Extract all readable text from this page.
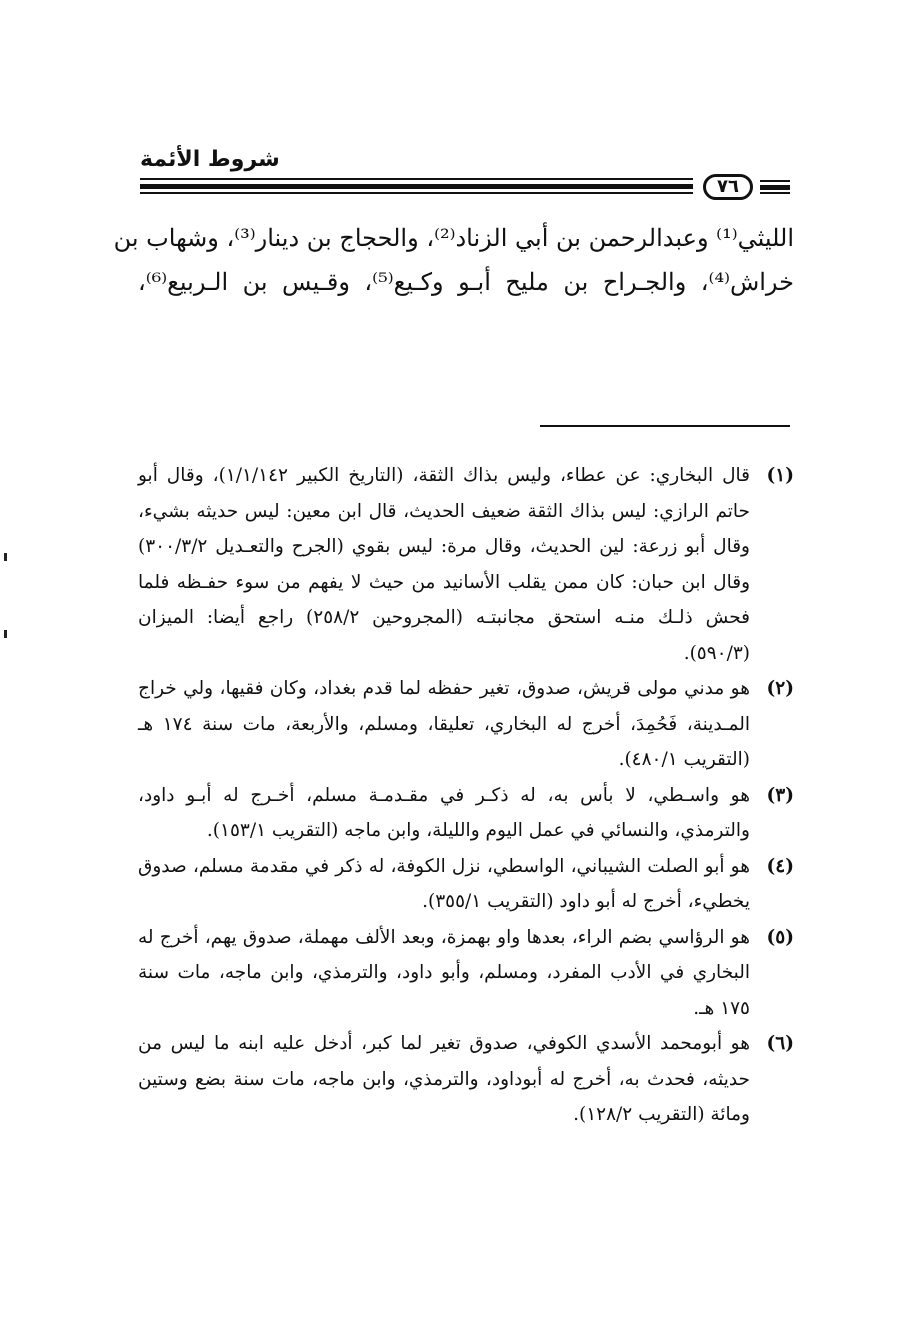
شروط الأئمة
٧٦
الليثي⁽¹⁾ وعبدالرحمن بن أبي الزناد⁽²⁾، والحجاج بن دينار⁽³⁾، وشهاب بن
خراش⁽⁴⁾، والجـراح بن مليح أبـو وكـيع⁽⁵⁾، وقـيس بن الـربيع⁽⁶⁾،
(١)
قال البخاري: عن عطاء، وليس بذاك الثقة، (التاريخ الكبير ١/١/١٤٢)، وقال أبو حاتم الرازي: ليس بذاك الثقة ضعيف الحديث، قال ابن معين: ليس حديثه بشيء، وقال أبو زرعة: لين الحديث، وقال مرة: ليس بقوي (الجرح والتعـديل ٣٠٠/٣/٢) وقال ابن حبان: كان ممن يقلب الأسانيد من حيث لا يفهم من سوء حفـظه فلما فحش ذلـك منـه استحق مجانبتـه (المجروحين ٢٥٨/٢) راجع أيضا: الميزان (٥٩٠/٣).
(٢)
هو مدني مولى قريش، صدوق، تغير حفظه لما قدم بغداد، وكان فقيها، ولي خراج المـدينة، فَحُمِدَ، أخرج له البخاري، تعليقا، ومسلم، والأربعة، مات سنة ١٧٤ هـ (التقريب ٤٨٠/١).
(٣)
هو واسـطي، لا بأس به، له ذكـر في مقـدمـة مسلم، أخـرج له أبـو داود، والترمذي، والنسائي في عمل اليوم والليلة، وابن ماجه (التقريب ١٥٣/١).
(٤)
هو أبو الصلت الشيباني، الواسطي، نزل الكوفة، له ذكر في مقدمة مسلم، صدوق يخطيء، أخرج له أبو داود (التقريب ٣٥٥/١).
(٥)
هو الرؤاسي بضم الراء، بعدها واو بهمزة، وبعد الألف مهملة، صدوق يهم، أخرج له البخاري في الأدب المفرد، ومسلم، وأبو داود، والترمذي، وابن ماجه، مات سنة ١٧٥ هـ.
(٦)
هو أبومحمد الأسدي الكوفي، صدوق تغير لما كبر، أدخل عليه ابنه ما ليس من حديثه، فحدث به، أخرج له أبوداود، والترمذي، وابن ماجه، مات سنة بضع وستين ومائة (التقريب ١٢٨/٢).
